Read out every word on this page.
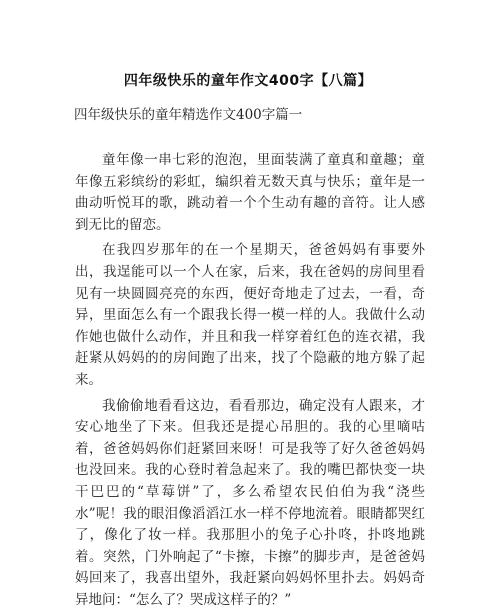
四年级快乐的童年作文400字【八篇】
四年级快乐的童年精选作文400字篇一

童年像一串七彩的泡泡，里面装满了童真和童趣；童年像五彩缤纷的彩虹，编织着无数天真与快乐；童年是一曲动听悦耳的歌，跳动着一个个生动有趣的音符。让人感到无比的留恋。

在我四岁那年的在一个星期天，爸爸妈妈有事要外出，我逞能可以一个人在家，后来，我在爸妈的房间里看见有一块圆圆亮亮的东西，便好奇地走了过去，一看，奇异，里面怎么有一个跟我长得一模一样的人。我做什么动作她也做什么动作，并且和我一样穿着红色的连衣裙，我赶紧从妈妈的的房间跑了出来，找了个隐蔽的地方躲了起来。

我偷偷地看看这边，看看那边，确定没有人跟来，才安心地坐了下来。但我还是提心吊胆的。我的心里嘀咕着，爸爸妈妈你们赶紧回来呀！可是我等了好久爸爸妈妈也没回来。我的心登时着急起来了。我的嘴巴都快变一块干巴巴的“草莓饼”了，多么希望农民伯伯为我“浇些水”呢！我的眼泪像滔滔江水一样不停地流着。眼睛都哭红了，像化了妆一样。我那胆小的兔子心扑咚，扑咚地跳着。突然，门外响起了“卡擦，卡擦”的脚步声，是爸爸妈妈回来了，我喜出望外，我赶紧向妈妈怀里扑去。妈妈奇异地问：“怎么了？哭成这样子的？”
